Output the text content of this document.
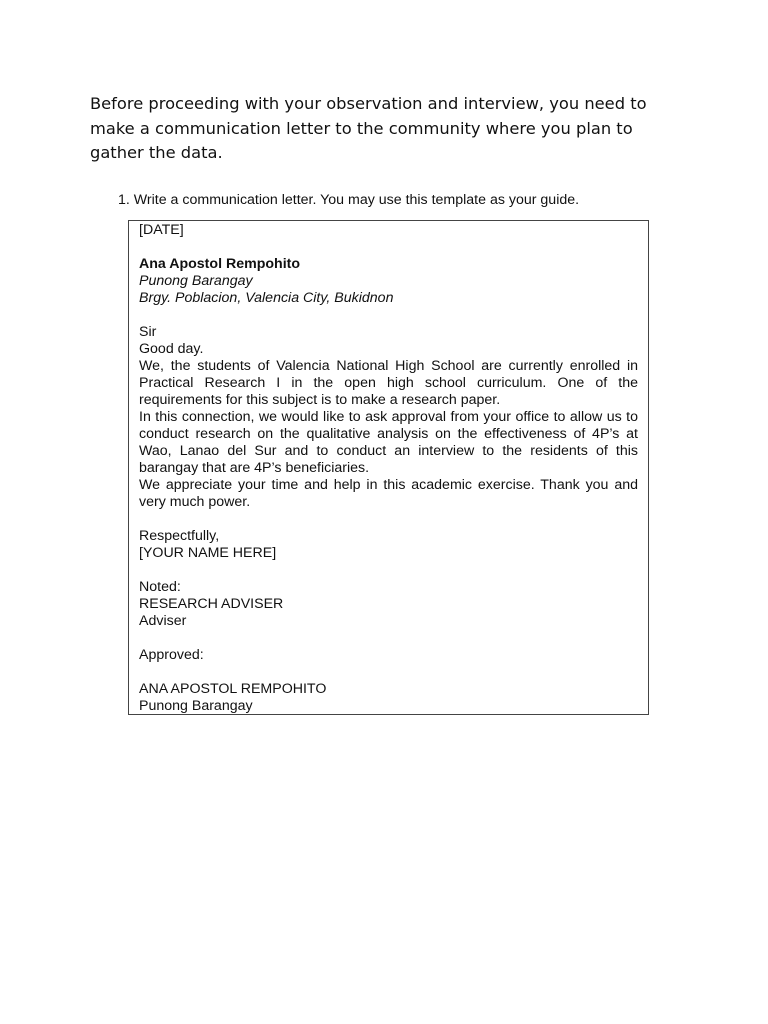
Before proceeding with your observation and interview, you need to make a communication letter to the community where you plan to gather the data.

1. Write a communication letter. You may use this template as your guide.

[DATE]

Ana Apostol Rempohito

Punong Barangay

Brgy. Poblacion, Valencia City, Bukidnon

Sir

Good day.

We, the students of Valencia National High School are currently enrolled in Practical Research I in the open high school curriculum. One of the requirements for this subject is to make a research paper.

In this connection, we would like to ask approval from your office to allow us to conduct research on the qualitative analysis on the effectiveness of 4P’s at Wao, Lanao del Sur and to conduct an interview to the residents of this barangay that are 4P’s beneficiaries.

We appreciate your time and help in this academic exercise. Thank you and very much power.

Respectfully,

[YOUR NAME HERE]

Noted:

RESEARCH ADVISER

Adviser

Approved:

ANA APOSTOL REMPOHITO

Punong Barangay
